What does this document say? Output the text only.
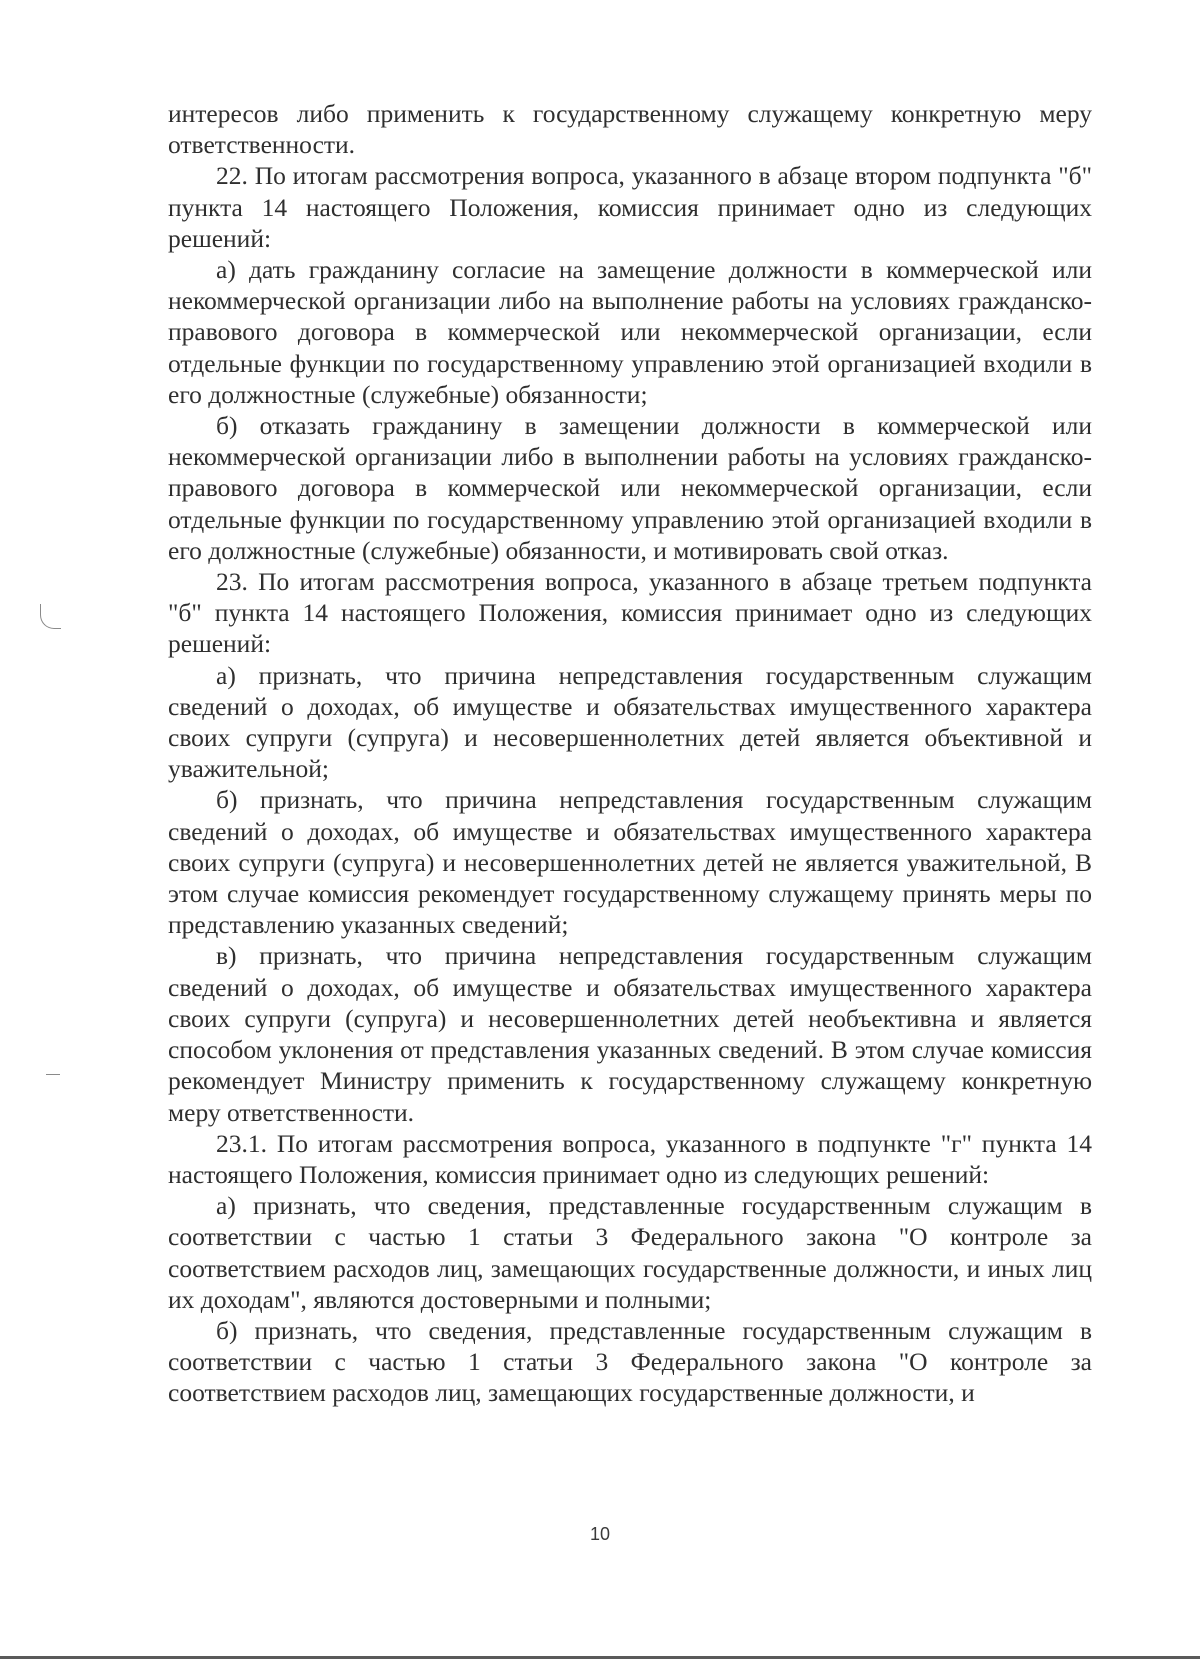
интересов либо применить к государственному служащему конкретную меру ответственности.

22. По итогам рассмотрения вопроса, указанного в абзаце втором подпункта "б" пункта 14 настоящего Положения, комиссия принимает одно из следующих решений:

а) дать гражданину согласие на замещение должности в коммерческой или некоммерческой организации либо на выполнение работы на условиях гражданско-правового договора в коммерческой или некоммерческой организации, если отдельные функции по государственному управлению этой организацией входили в его должностные (служебные) обязанности;

б) отказать гражданину в замещении должности в коммерческой или некоммерческой организации либо в выполнении работы на условиях гражданско-правового договора в коммерческой или некоммерческой организации, если отдельные функции по государственному управлению этой организацией входили в его должностные (служебные) обязанности, и мотивировать свой отказ.

23. По итогам рассмотрения вопроса, указанного в абзаце третьем подпункта "б" пункта 14 настоящего Положения, комиссия принимает одно из следующих решений:

а) признать, что причина непредставления государственным служащим сведений о доходах, об имуществе и обязательствах имущественного характера своих супруги (супруга) и несовершеннолетних детей является объективной и уважительной;

б) признать, что причина непредставления государственным служащим сведений о доходах, об имуществе и обязательствах имущественного характера своих супруги (супруга) и несовершеннолетних детей не является уважительной, В этом случае комиссия рекомендует государственному служащему принять меры по представлению указанных сведений;

в) признать, что причина непредставления государственным служащим сведений о доходах, об имуществе и обязательствах имущественного характера своих супруги (супруга) и несовершеннолетних детей необъективна и является способом уклонения от представления указанных сведений. В этом случае комиссия рекомендует Министру применить к государственному служащему конкретную меру ответственности.

23.1. По итогам рассмотрения вопроса, указанного в подпункте "г" пункта 14 настоящего Положения, комиссия принимает одно из следующих решений:

а) признать, что сведения, представленные государственным служащим в соответствии с частью 1 статьи 3 Федерального закона "О контроле за соответствием расходов лиц, замещающих государственные должности, и иных лиц их доходам", являются достоверными и полными;

б) признать, что сведения, представленные государственным служащим в соответствии с частью 1 статьи 3 Федерального закона "О контроле за соответствием расходов лиц, замещающих государственные должности, и

10
